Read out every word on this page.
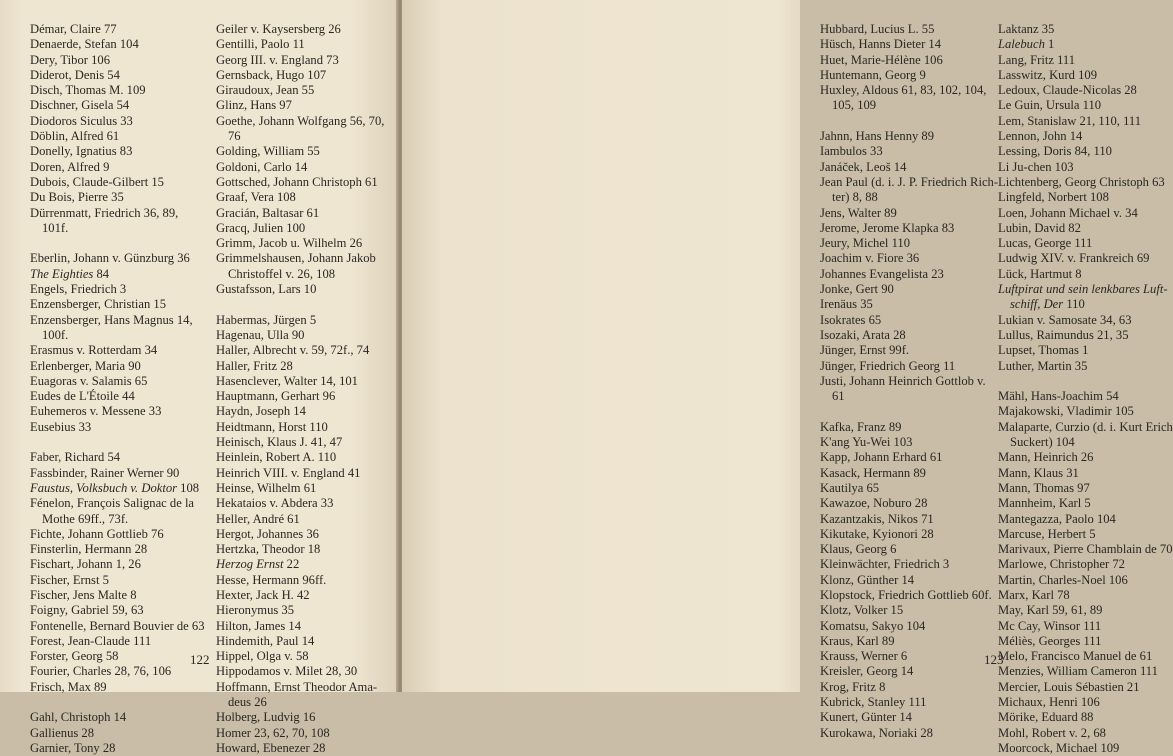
Démar, Claire 77
Denaerde, Stefan 104
Dery, Tibor 106
Diderot, Denis 54
Disch, Thomas M. 109
Dischner, Gisela 54
Diodoros Siculus 33
Döblin, Alfred 61
Donelly, Ignatius 83
Doren, Alfred 9
Dubois, Claude-Gilbert 15
Du Bois, Pierre 35
Dürrenmatt, Friedrich 36, 89,
101f.
Eberlin, Johann v. Günzburg 36
The Eighties 84
Engels, Friedrich 3
Enzensberger, Christian 15
Enzensberger, Hans Magnus 14,
100f.
Erasmus v. Rotterdam 34
Erlenberger, Maria 90
Euagoras v. Salamis 65
Eudes de L'Étoile 44
Euhemeros v. Messene 33
Eusebius 33
Faber, Richard 54
Fassbinder, Rainer Werner 90
Faustus, Volksbuch v. Doktor 108
Fénelon, François Salignac de la
Mothe 69ff., 73f.
Fichte, Johann Gottlieb 76
Finsterlin, Hermann 28
Fischart, Johann 1, 26
Fischer, Ernst 5
Fischer, Jens Malte 8
Foigny, Gabriel 59, 63
Fontenelle, Bernard Bouvier de 63
Forest, Jean-Claude 111
Forster, Georg 58
Fourier, Charles 28, 76, 106
Frisch, Max 89
Gahl, Christoph 14
Gallienus 28
Garnier, Tony 28
Geiler v. Kaysersberg 26
Gentilli, Paolo 11
Georg III. v. England 73
Gernsback, Hugo 107
Giraudoux, Jean 55
Glinz, Hans 97
Goethe, Johann Wolfgang 56, 70,
76
Golding, William 55
Goldoni, Carlo 14
Gottsched, Johann Christoph 61
Graaf, Vera 108
Gracián, Baltasar 61
Gracq, Julien 100
Grimm, Jacob u. Wilhelm 26
Grimmelshausen, Johann Jakob
Christoffel v. 26, 108
Gustafsson, Lars 10
Habermas, Jürgen 5
Hagenau, Ulla 90
Haller, Albrecht v. 59, 72f., 74
Haller, Fritz 28
Hasenclever, Walter 14, 101
Hauptmann, Gerhart 96
Haydn, Joseph 14
Heidtmann, Horst 110
Heinisch, Klaus J. 41, 47
Heinlein, Robert A. 110
Heinrich VIII. v. England 41
Heinse, Wilhelm 61
Hekataios v. Abdera 33
Heller, André 61
Hergot, Johannes 36
Hertzka, Theodor 18
Herzog Ernst 22
Hesse, Hermann 96ff.
Hexter, Jack H. 42
Hieronymus 35
Hilton, James 14
Hindemith, Paul 14
Hippel, Olga v. 58
Hippodamos v. Milet 28, 30
Hoffmann, Ernst Theodor Ama-
deus 26
Holberg, Ludvig 16
Homer 23, 62, 70, 108
Howard, Ebenezer 28
122
Hubbard, Lucius L. 55
Hüsch, Hanns Dieter 14
Huet, Marie-Hélène 106
Huntemann, Georg 9
Huxley, Aldous 61, 83, 102, 104,
105, 109
Jahnn, Hans Henny 89
Iambulos 33
Janáček, Leoš 14
Jean Paul (d. i. J. P. Friedrich Rich-
ter) 8, 88
Jens, Walter 89
Jerome, Jerome Klapka 83
Jeury, Michel 110
Joachim v. Fiore 36
Johannes Evangelista 23
Jonke, Gert 90
Irenäus 35
Isokrates 65
Isozaki, Arata 28
Jünger, Ernst 99f.
Jünger, Friedrich Georg 11
Justi, Johann Heinrich Gottlob v.
61
Kafka, Franz 89
K'ang Yu-Wei 103
Kapp, Johann Erhard 61
Kasack, Hermann 89
Kautilya 65
Kawazoe, Noburo 28
Kazantzakis, Nikos 71
Kikutake, Kyionori 28
Klaus, Georg 6
Kleinwächter, Friedrich 3
Klonz, Günther 14
Klopstock, Friedrich Gottlieb 60f.
Klotz, Volker 15
Komatsu, Sakyo 104
Kraus, Karl 89
Krauss, Werner 6
Kreisler, Georg 14
Krog, Fritz 8
Kubrick, Stanley 111
Kunert, Günter 14
Kurokawa, Noriaki 28
Laktanz 35
Lalebuch 1
Lang, Fritz 111
Lasswitz, Kurd 109
Ledoux, Claude-Nicolas 28
Le Guin, Ursula 110
Lem, Stanislaw 21, 110, 111
Lennon, John 14
Lessing, Doris 84, 110
Li Ju-chen 103
Lichtenberg, Georg Christoph 63
Lingfeld, Norbert 108
Loen, Johann Michael v. 34
Lubin, David 82
Lucas, George 111
Ludwig XIV. v. Frankreich 69
Lück, Hartmut 8
Luftpirat und sein lenkbares Luft-
schiff, Der 110
Lukian v. Samosate 34, 63
Lullus, Raimundus 21, 35
Lupset, Thomas 1
Luther, Martin 35
Mähl, Hans-Joachim 54
Majakowski, Vladimir 105
Malaparte, Curzio (d. i. Kurt Erich
Suckert) 104
Mann, Heinrich 26
Mann, Klaus 31
Mann, Thomas 97
Mannheim, Karl 5
Mantegazza, Paolo 104
Marcuse, Herbert 5
Marivaux, Pierre Chamblain de 70
Marlowe, Christopher 72
Martin, Charles-Noel 106
Marx, Karl 78
May, Karl 59, 61, 89
Mc Cay, Winsor 111
Méliès, Georges 111
Melo, Francisco Manuel de 61
Menzies, William Cameron 111
Mercier, Louis Sébastien 21
Michaux, Henri 106
Mörike, Eduard 88
Mohl, Robert v. 2, 68
Moorcock, Michael 109
123
